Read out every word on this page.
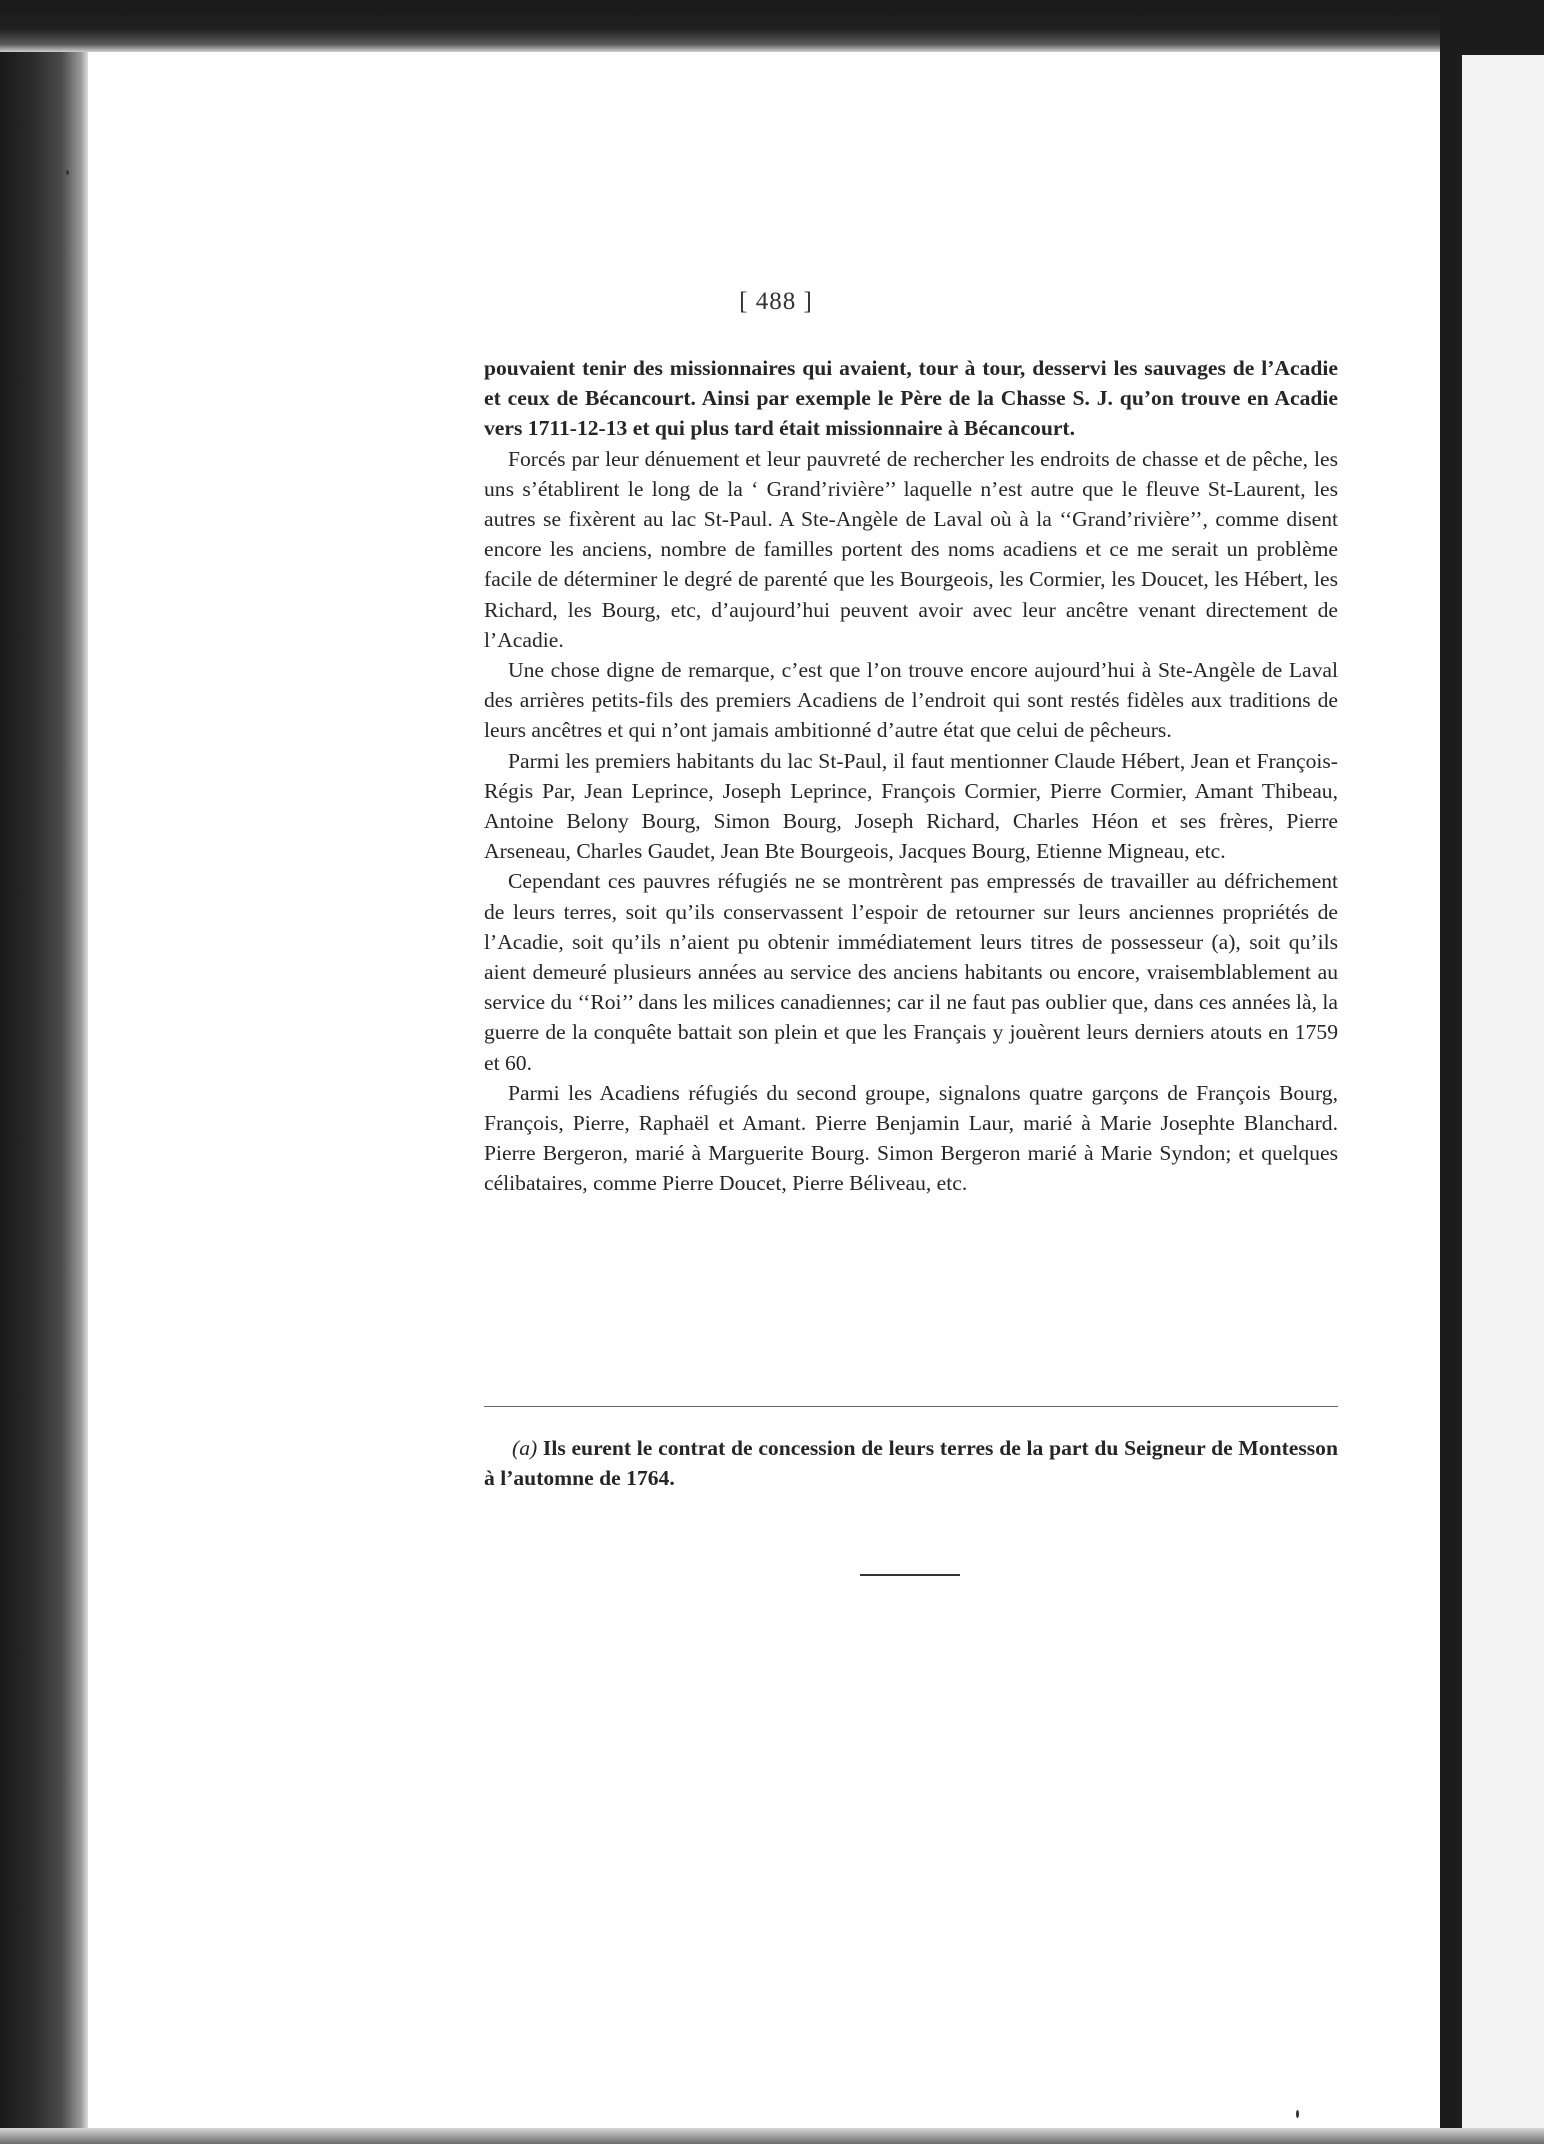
[ 488 ]

pouvaient tenir des missionnaires qui avaient, tour à tour, desservi les sauvages de l’Acadie et ceux de Bécancourt. Ainsi par exemple le Père de la Chasse S. J. qu’on trouve en Acadie vers 1711-12-13 et qui plus tard était missionnaire à Bécancourt.

Forcés par leur dénuement et leur pauvreté de rechercher les endroits de chasse et de pêche, les uns s’établirent le long de la ‘ Grand’rivière’’ laquelle n’est autre que le fleuve St-Laurent, les autres se fixèrent au lac St-Paul. A Ste-Angèle de Laval où à la ‘‘Grand’rivière’’, comme disent encore les anciens, nombre de familles portent des noms acadiens et ce me serait un problème facile de déterminer le degré de parenté que les Bourgeois, les Cormier, les Doucet, les Hébert, les Richard, les Bourg, etc, d’aujourd’hui peuvent avoir avec leur ancêtre venant directement de l’Acadie.

Une chose digne de remarque, c’est que l’on trouve encore aujourd’hui à Ste-Angèle de Laval des arrières petits-fils des premiers Acadiens de l’endroit qui sont restés fidèles aux traditions de leurs ancêtres et qui n’ont jamais ambitionné d’autre état que celui de pêcheurs.

Parmi les premiers habitants du lac St-Paul, il faut mentionner Claude Hébert, Jean et François-Régis Par, Jean Leprince, Joseph Leprince, François Cormier, Pierre Cormier, Amant Thibeau, Antoine Belony Bourg, Simon Bourg, Joseph Richard, Charles Héon et ses frères, Pierre Arseneau, Charles Gaudet, Jean Bte Bourgeois, Jacques Bourg, Etienne Migneau, etc.

Cependant ces pauvres réfugiés ne se montrèrent pas empressés de travailler au défrichement de leurs terres, soit qu’ils conservassent l’espoir de retourner sur leurs anciennes propriétés de l’Acadie, soit qu’ils n’aient pu obtenir immédiatement leurs titres de possesseur (a), soit qu’ils aient demeuré plusieurs années au service des anciens habitants ou encore, vraisemblablement au service du ‘‘Roi’’ dans les milices canadiennes; car il ne faut pas oublier que, dans ces années là, la guerre de la conquête battait son plein et que les Français y jouèrent leurs derniers atouts en 1759 et 60.

Parmi les Acadiens réfugiés du second groupe, signalons quatre garçons de François Bourg, François, Pierre, Raphaël et Amant. Pierre Benjamin Laur, marié à Marie Josephte Blanchard. Pierre Bergeron, marié à Marguerite Bourg. Simon Bergeron marié à Marie Syndon; et quelques célibataires, comme Pierre Doucet, Pierre Béliveau, etc.

(a) Ils eurent le contrat de concession de leurs terres de la part du Seigneur de Montesson à l’automne de 1764.
